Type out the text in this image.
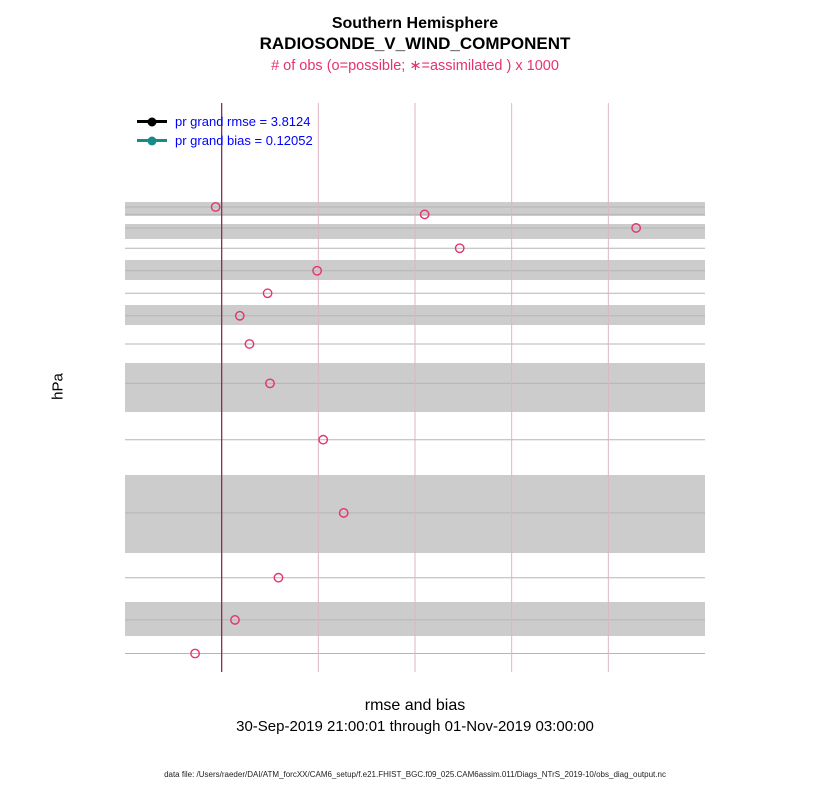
Southern Hemisphere
RADIOSONDE_V_WIND_COMPONENT
# of obs (o=possible; ∗=assimilated ) x 1000
pr grand rmse = 3.8124
pr grand bias = 0.12052
hPa
rmse and bias
30-Sep-2019 21:00:01 through 01-Nov-2019 03:00:00
data file: /Users/raeder/DAI/ATM_forcXX/CAM6_setup/f.e21.FHIST_BGC.f09_025.CAM6assim.011/Diags_NTrS_2019-10/obs_diag_output.nc
